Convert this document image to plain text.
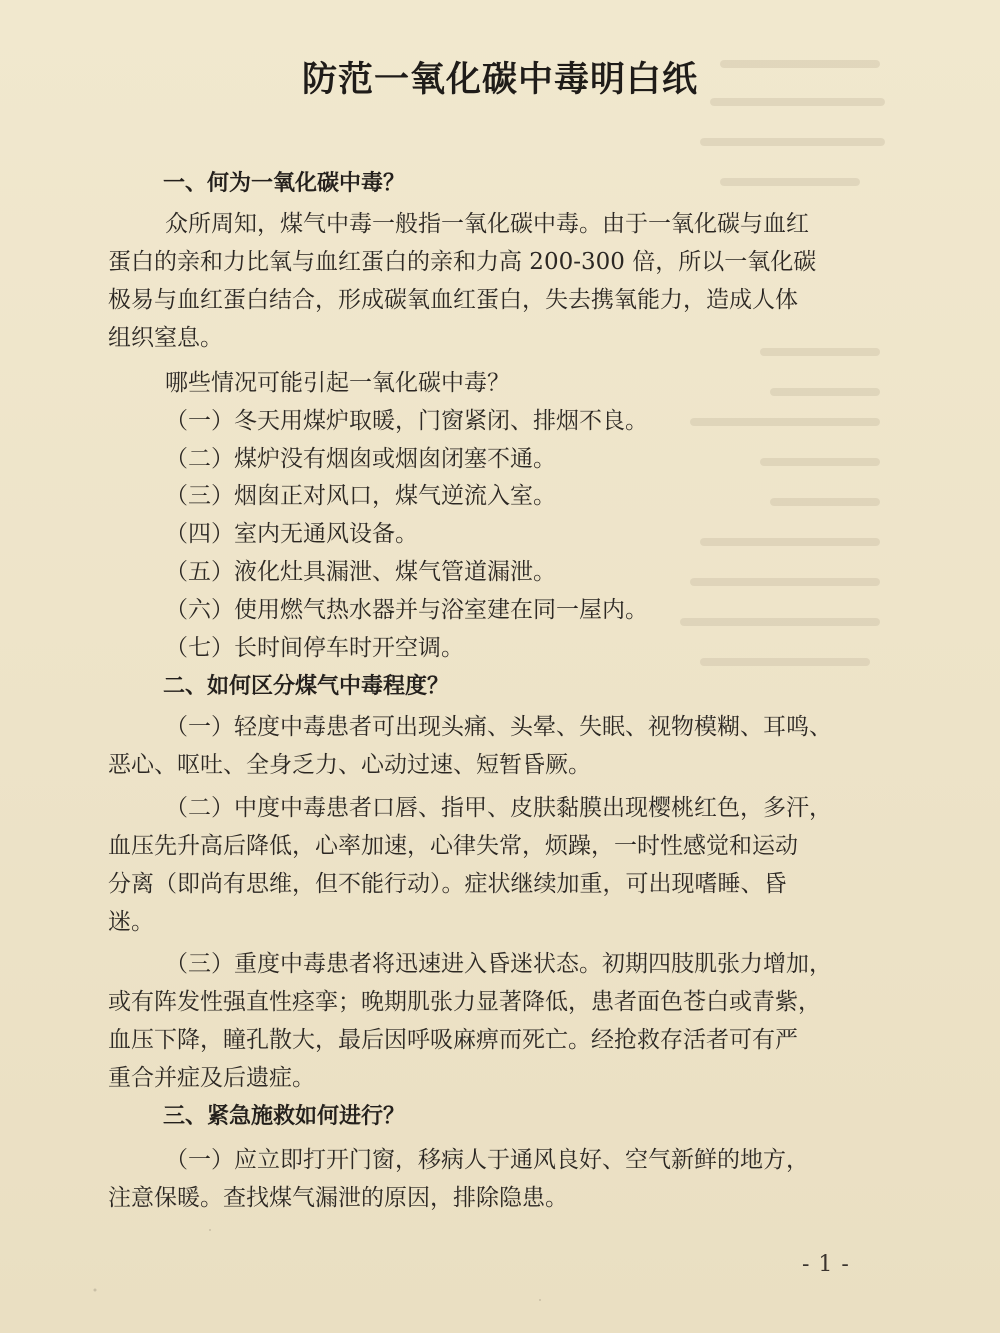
防范一氧化碳中毒明白纸
一、何为一氧化碳中毒？
众所周知，煤气中毒一般指一氧化碳中毒。由于一氧化碳与血红
蛋白的亲和力比氧与血红蛋白的亲和力高 200-300 倍，所以一氧化碳
极易与血红蛋白结合，形成碳氧血红蛋白，失去携氧能力，造成人体
组织窒息。
哪些情况可能引起一氧化碳中毒？
（一）冬天用煤炉取暖，门窗紧闭、排烟不良。
（二）煤炉没有烟囱或烟囱闭塞不通。
（三）烟囱正对风口，煤气逆流入室。
（四）室内无通风设备。
（五）液化灶具漏泄、煤气管道漏泄。
（六）使用燃气热水器并与浴室建在同一屋内。
（七）长时间停车时开空调。
二、如何区分煤气中毒程度？
（一）轻度中毒患者可出现头痛、头晕、失眠、视物模糊、耳鸣、
恶心、呕吐、全身乏力、心动过速、短暂昏厥。
（二）中度中毒患者口唇、指甲、皮肤黏膜出现樱桃红色，多汗，
血压先升高后降低，心率加速，心律失常，烦躁，一时性感觉和运动
分离（即尚有思维，但不能行动）。症状继续加重，可出现嗜睡、昏
迷。
（三）重度中毒患者将迅速进入昏迷状态。初期四肢肌张力增加，
或有阵发性强直性痉挛；晚期肌张力显著降低，患者面色苍白或青紫，
血压下降，瞳孔散大，最后因呼吸麻痹而死亡。经抢救存活者可有严
重合并症及后遗症。
三、紧急施救如何进行？
（一）应立即打开门窗，移病人于通风良好、空气新鲜的地方，
注意保暖。查找煤气漏泄的原因，排除隐患。
- 1 -
